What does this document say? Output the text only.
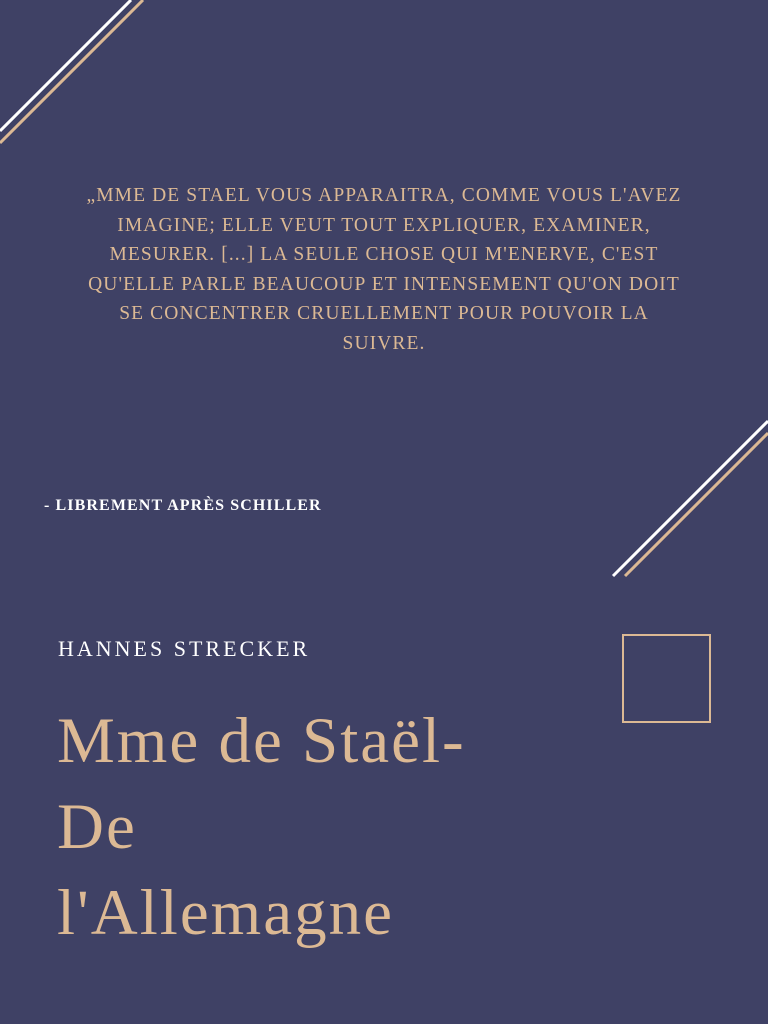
„MME DE STAEL VOUS APPARAITRA, COMME VOUS L'AVEZ IMAGINE; ELLE VEUT TOUT EXPLIQUER, EXAMINER, MESURER. [...] LA SEULE CHOSE QUI M'ENERVE, C'EST QU'ELLE PARLE BEAUCOUP ET INTENSEMENT QU'ON DOIT SE CONCENTRER CRUELLEMENT POUR POUVOIR LA SUIVRE.

- LIBREMENT APRÈS SCHILLER

HANNES STRECKER

Mme de Staël-
De
l'Allemagne
